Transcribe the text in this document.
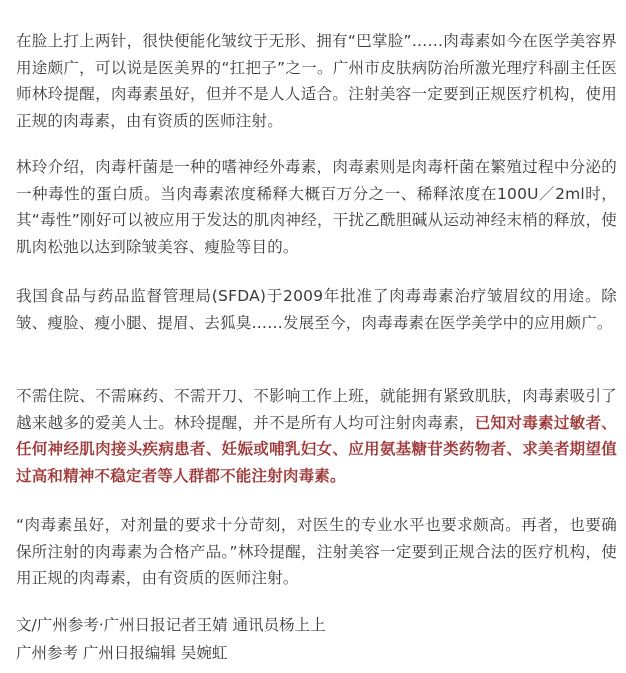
在脸上打上两针，很快便能化皱纹于无形、拥有“巴掌脸”……肉毒素如今在医学美容界用途颇广，可以说是医美界的“扛把子”之一。广州市皮肤病防治所激光理疗科副主任医师林玲提醒，肉毒素虽好，但并不是人人适合。注射美容一定要到正规医疗机构，使用正规的肉毒素，由有资质的医师注射。

林玲介绍，肉毒杆菌是一种的嗜神经外毒素，肉毒素则是肉毒杆菌在繁殖过程中分泌的一种毒性的蛋白质。当肉毒素浓度稀释大概百万分之一、稀释浓度在100U／2ml时，其“毒性”刚好可以被应用于发达的肌肉神经，干扰乙酰胆碱从运动神经末梢的释放，使肌肉松弛以达到除皱美容、瘦脸等目的。

我国食品与药品监督管理局(SFDA)于2009年批准了肉毒毒素治疗皱眉纹的用途。除皱、瘦脸、瘦小腿、提眉、去狐臭……发展至今，肉毒毒素在医学美学中的应用颇广。

不需住院、不需麻药、不需开刀、不影响工作上班，就能拥有紧致肌肤，肉毒素吸引了越来越多的爱美人士。林玲提醒，并不是所有人均可注射肉毒素，已知对毒素过敏者、任何神经肌肉接头疾病患者、妊娠或哺乳妇女、应用氨基糖苷类药物者、求美者期望值过高和精神不稳定者等人群都不能注射肉毒素。

“肉毒素虽好，对剂量的要求十分苛刻，对医生的专业水平也要求颇高。再者，也要确保所注射的肉毒素为合格产品。”林玲提醒，注射美容一定要到正规合法的医疗机构，使用正规的肉毒素，由有资质的医师注射。

文/广州参考·广州日报记者王婧 通讯员杨上上

广州参考 广州日报编辑 吴婉虹
